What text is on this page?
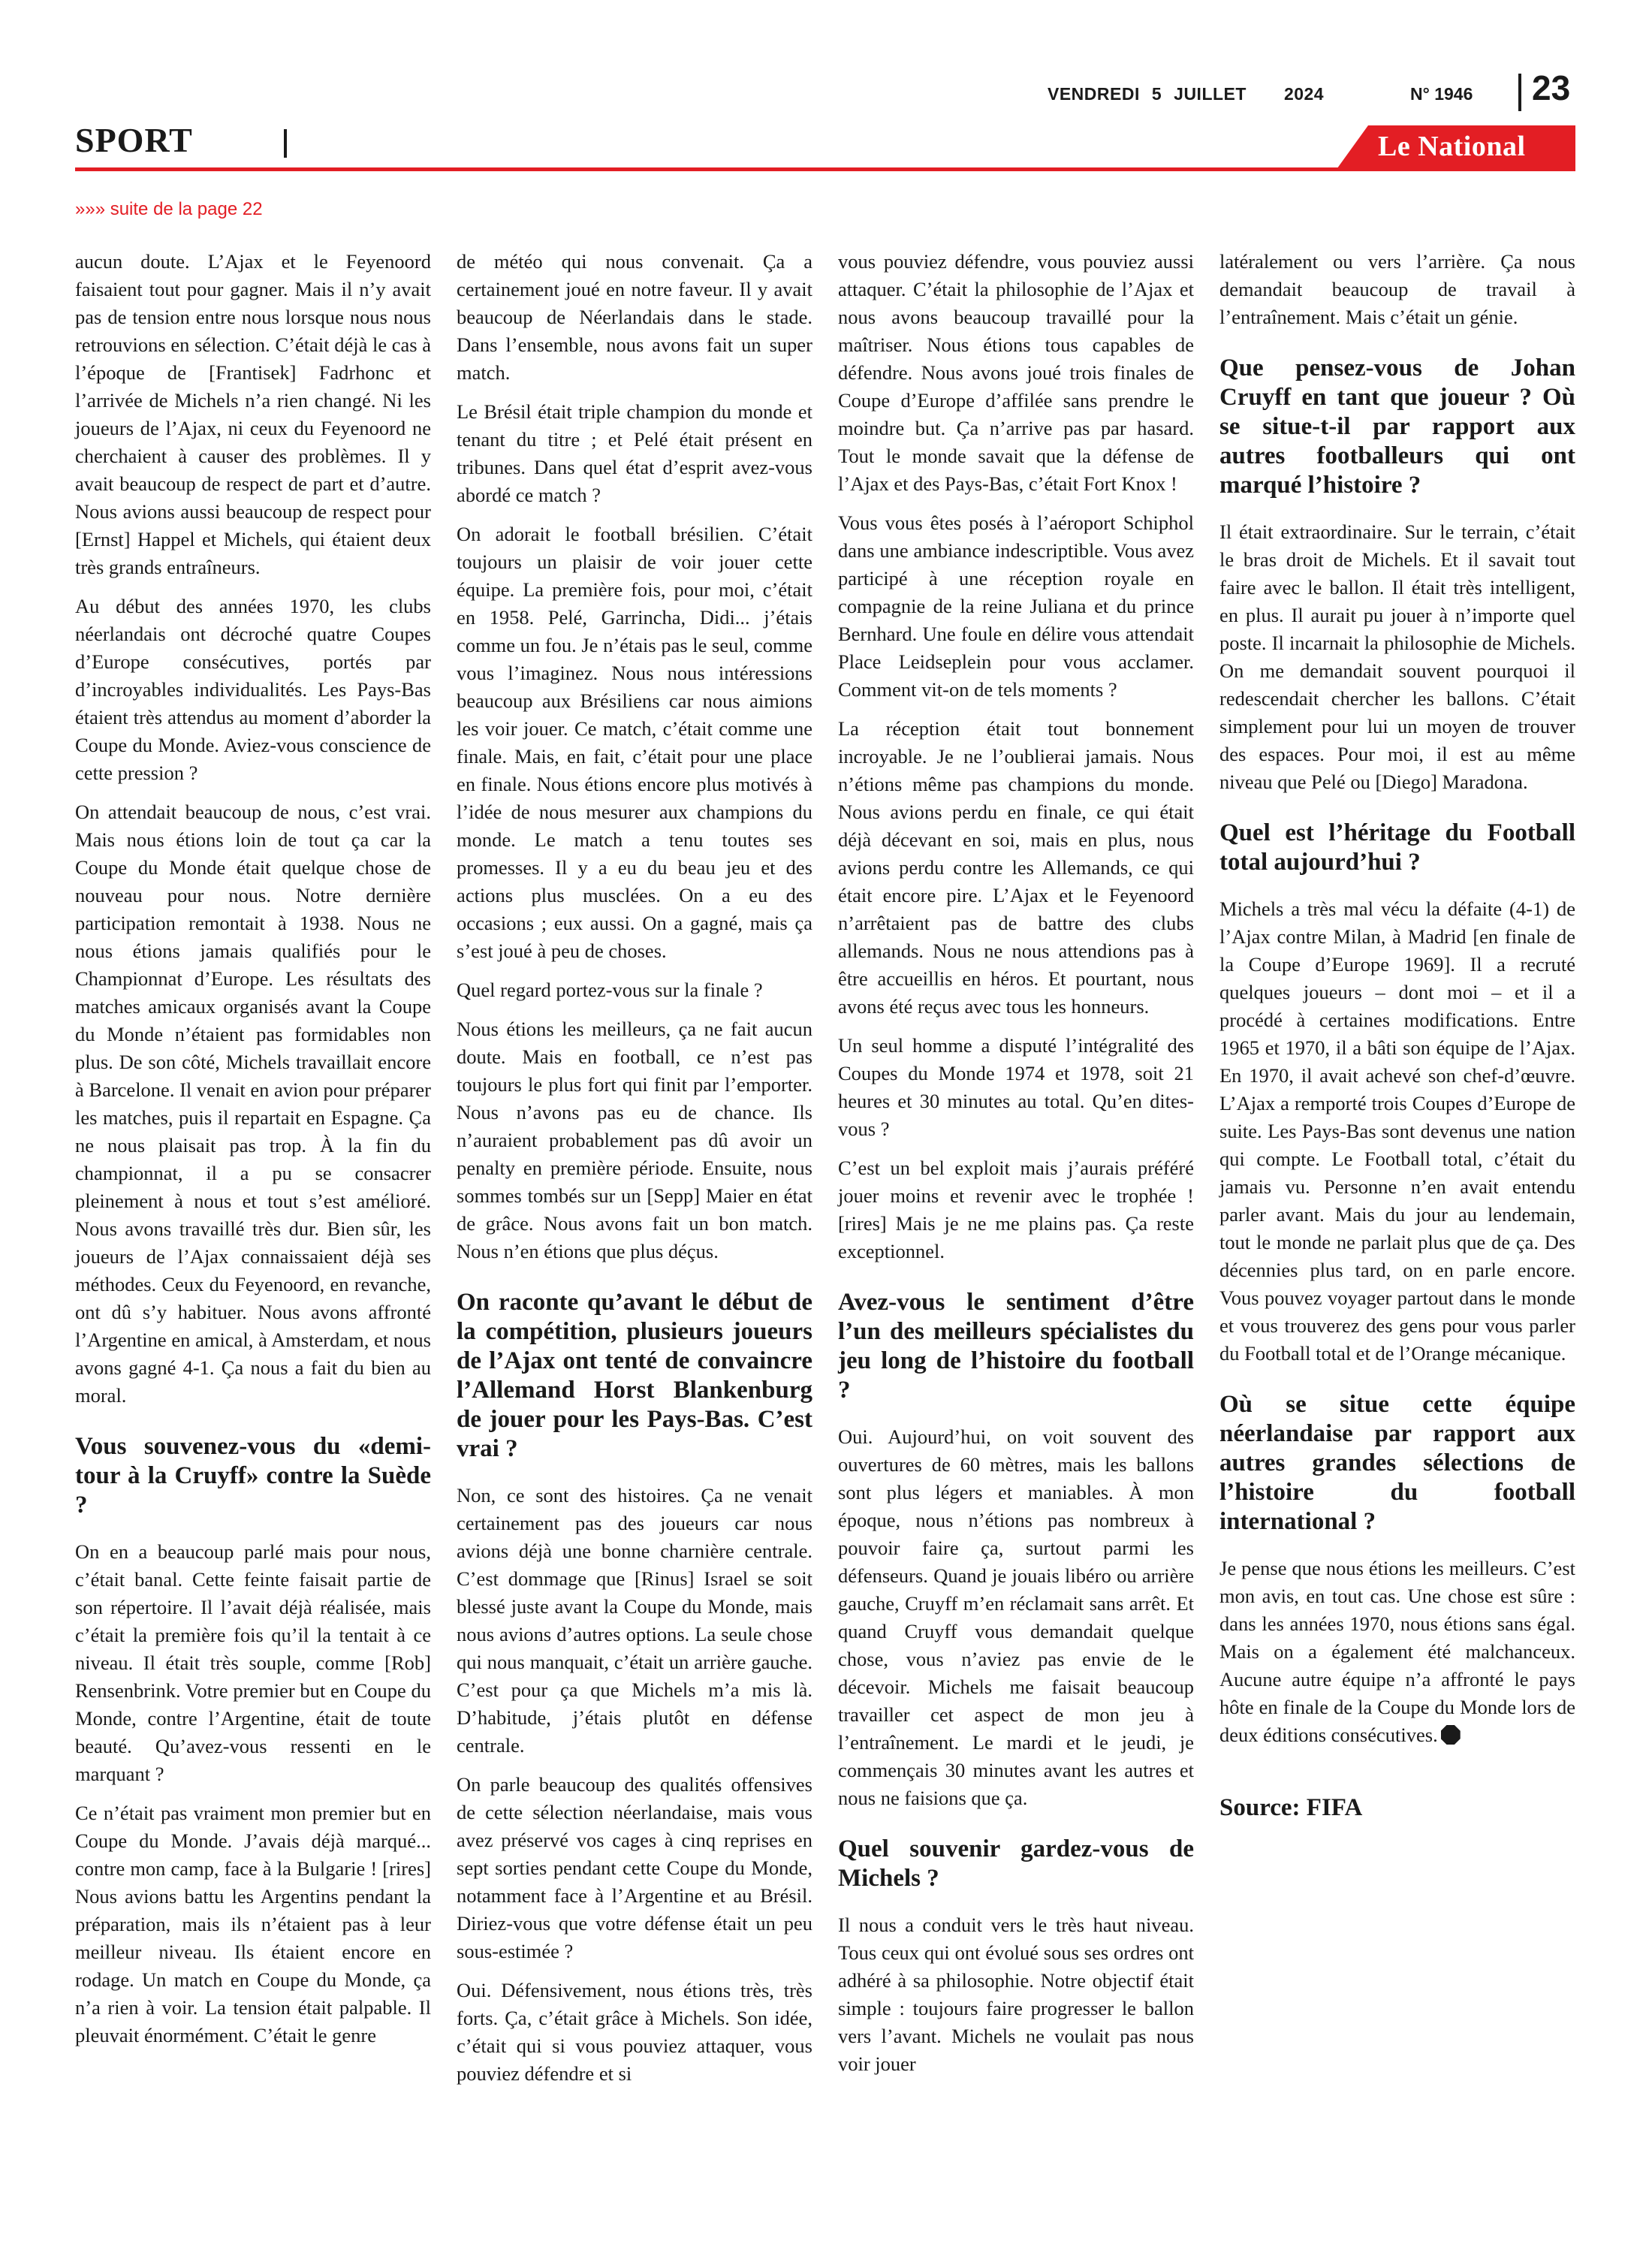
VENDREDI 5 JUILLET 2024	N° 1946 23
SPORT	Le National
»»» suite de la page 22

aucun doute. L’Ajax et le Feyenoord faisaient tout pour gagner. Mais il n’y avait pas de tension entre nous lorsque nous nous retrouvions en sélection. C’était déjà le cas à l’époque de [Frantisek] Fadrhonc et l’arrivée de Michels n’a rien changé. Ni les joueurs de l’Ajax, ni ceux du Feyenoord ne cherchaient à causer des problèmes. Il y avait beaucoup de respect de part et d’autre. Nous avions aussi beaucoup de respect pour [Ernst] Happel et Michels, qui étaient deux très grands entraîneurs.

Au début des années 1970, les clubs néerlandais ont décroché quatre Coupes d’Europe consécutives, portés par d’incroyables individualités. Les Pays-Bas étaient très attendus au moment d’aborder la Coupe du Monde. Aviez-vous conscience de cette pression ?

On attendait beaucoup de nous, c’est vrai. Mais nous étions loin de tout ça car la Coupe du Monde était quelque chose de nouveau pour nous. Notre dernière participation remontait à 1938. Nous ne nous étions jamais qualifiés pour le Championnat d’Europe. Les résultats des matches amicaux organisés avant la Coupe du Monde n’étaient pas formidables non plus. De son côté, Michels travaillait encore à Barcelone. Il venait en avion pour préparer les matches, puis il repartait en Espagne. Ça ne nous plaisait pas trop. À la fin du championnat, il a pu se consacrer pleinement à nous et tout s’est amélioré. Nous avons travaillé très dur. Bien sûr, les joueurs de l’Ajax connaissaient déjà ses méthodes. Ceux du Feyenoord, en revanche, ont dû s’y habituer. Nous avons affronté l’Argentine en amical, à Amsterdam, et nous avons gagné 4-1. Ça nous a fait du bien au moral.

Vous souvenez-vous du «demi-tour à la Cruyff» contre la Suède ?

On en a beaucoup parlé mais pour nous, c’était banal. Cette feinte faisait partie de son répertoire. Il l’avait déjà réalisée, mais c’était la première fois qu’il la tentait à ce niveau. Il était très souple, comme [Rob] Rensenbrink. Votre premier but en Coupe du Monde, contre l’Argentine, était de toute beauté. Qu’avez-vous ressenti en le marquant ?

Ce n’était pas vraiment mon premier but en Coupe du Monde. J’avais déjà marqué... contre mon camp, face à la Bulgarie ! [rires] Nous avions battu les Argentins pendant la préparation, mais ils n’étaient pas à leur meilleur niveau. Ils étaient encore en rodage. Un match en Coupe du Monde, ça n’a rien à voir. La tension était palpable. Il pleuvait énormément. C’était le genre

de météo qui nous convenait. Ça a certainement joué en notre faveur. Il y avait beaucoup de Néerlandais dans le stade. Dans l’ensemble, nous avons fait un super match.

Le Brésil était triple champion du monde et tenant du titre ; et Pelé était présent en tribunes. Dans quel état d’esprit avez-vous abordé ce match ?

On adorait le football brésilien. C’était toujours un plaisir de voir jouer cette équipe. La première fois, pour moi, c’était en 1958. Pelé, Garrincha, Didi... j’étais comme un fou. Je n’étais pas le seul, comme vous l’imaginez. Nous nous intéressions beaucoup aux Brésiliens car nous aimions les voir jouer. Ce match, c’était comme une finale. Mais, en fait, c’était pour une place en finale. Nous étions encore plus motivés à l’idée de nous mesurer aux champions du monde. Le match a tenu toutes ses promesses. Il y a eu du beau jeu et des actions plus musclées. On a eu des occasions ; eux aussi. On a gagné, mais ça s’est joué à peu de choses.

Quel regard portez-vous sur la finale ?

Nous étions les meilleurs, ça ne fait aucun doute. Mais en football, ce n’est pas toujours le plus fort qui finit par l’emporter. Nous n’avons pas eu de chance. Ils n’auraient probablement pas dû avoir un penalty en première période. Ensuite, nous sommes tombés sur un [Sepp] Maier en état de grâce. Nous avons fait un bon match. Nous n’en étions que plus déçus.

On raconte qu’avant le début de la compétition, plusieurs joueurs de l’Ajax ont tenté de convaincre l’Allemand Horst Blankenburg de jouer pour les Pays-Bas. C’est vrai ?

Non, ce sont des histoires. Ça ne venait certainement pas des joueurs car nous avions déjà une bonne charnière centrale. C’est dommage que [Rinus] Israel se soit blessé juste avant la Coupe du Monde, mais nous avions d’autres options. La seule chose qui nous manquait, c’était un arrière gauche. C’est pour ça que Michels m’a mis là. D’habitude, j’étais plutôt en défense centrale.

On parle beaucoup des qualités offensives de cette sélection néerlandaise, mais vous avez préservé vos cages à cinq reprises en sept sorties pendant cette Coupe du Monde, notamment face à l’Argentine et au Brésil. Diriez-vous que votre défense était un peu sous-estimée ?

Oui. Défensivement, nous étions très, très forts. Ça, c’était grâce à Michels. Son idée, c’était qui si vous pouviez attaquer, vous pouviez défendre et si

vous pouviez défendre, vous pouviez aussi attaquer. C’était la philosophie de l’Ajax et nous avons beaucoup travaillé pour la maîtriser. Nous étions tous capables de défendre. Nous avons joué trois finales de Coupe d’Europe d’affilée sans prendre le moindre but. Ça n’arrive pas par hasard. Tout le monde savait que la défense de l’Ajax et des Pays-Bas, c’était Fort Knox !

Vous vous êtes posés à l’aéroport Schiphol dans une ambiance indescriptible. Vous avez participé à une réception royale en compagnie de la reine Juliana et du prince Bernhard. Une foule en délire vous attendait Place Leidseplein pour vous acclamer. Comment vit-on de tels moments ?

La réception était tout bonnement incroyable. Je ne l’oublierai jamais. Nous n’étions même pas champions du monde. Nous avions perdu en finale, ce qui était déjà décevant en soi, mais en plus, nous avions perdu contre les Allemands, ce qui était encore pire. L’Ajax et le Feyenoord n’arrêtaient pas de battre des clubs allemands. Nous ne nous attendions pas à être accueillis en héros. Et pourtant, nous avons été reçus avec tous les honneurs.

Un seul homme a disputé l’intégralité des Coupes du Monde 1974 et 1978, soit 21 heures et 30 minutes au total. Qu’en dites-vous ?

C’est un bel exploit mais j’aurais préféré jouer moins et revenir avec le trophée ! [rires] Mais je ne me plains pas. Ça reste exceptionnel.

Avez-vous le sentiment d’être l’un des meilleurs spécialistes du jeu long de l’histoire du football ?

Oui. Aujourd’hui, on voit souvent des ouvertures de 60 mètres, mais les ballons sont plus légers et maniables. À mon époque, nous n’étions pas nombreux à pouvoir faire ça, surtout parmi les défenseurs. Quand je jouais libéro ou arrière gauche, Cruyff m’en réclamait sans arrêt. Et quand Cruyff vous demandait quelque chose, vous n’aviez pas envie de le décevoir. Michels me faisait beaucoup travailler cet aspect de mon jeu à l’entraînement. Le mardi et le jeudi, je commençais 30 minutes avant les autres et nous ne faisions que ça.

Quel souvenir gardez-vous de Michels ?

Il nous a conduit vers le très haut niveau. Tous ceux qui ont évolué sous ses ordres ont adhéré à sa philosophie. Notre objectif était simple : toujours faire progresser le ballon vers l’avant. Michels ne voulait pas nous voir jouer

latéralement ou vers l’arrière. Ça nous demandait beaucoup de travail à l’entraînement. Mais c’était un génie.

Que pensez-vous de Johan Cruyff en tant que joueur ? Où se situe-t-il par rapport aux autres footballeurs qui ont marqué l’histoire ?

Il était extraordinaire. Sur le terrain, c’était le bras droit de Michels. Et il savait tout faire avec le ballon. Il était très intelligent, en plus. Il aurait pu jouer à n’importe quel poste. Il incarnait la philosophie de Michels. On me demandait souvent pourquoi il redescendait chercher les ballons. C’était simplement pour lui un moyen de trouver des espaces. Pour moi, il est au même niveau que Pelé ou [Diego] Maradona.

Quel est l’héritage du Football total aujourd’hui ?

Michels a très mal vécu la défaite (4-1) de l’Ajax contre Milan, à Madrid [en finale de la Coupe d’Europe 1969]. Il a recruté quelques joueurs – dont moi – et il a procédé à certaines modifications. Entre 1965 et 1970, il a bâti son équipe de l’Ajax. En 1970, il avait achevé son chef-d’œuvre. L’Ajax a remporté trois Coupes d’Europe de suite. Les Pays-Bas sont devenus une nation qui compte. Le Football total, c’était du jamais vu. Personne n’en avait entendu parler avant. Mais du jour au lendemain, tout le monde ne parlait plus que de ça. Des décennies plus tard, on en parle encore. Vous pouvez voyager partout dans le monde et vous trouverez des gens pour vous parler du Football total et de l’Orange mécanique.

Où se situe cette équipe néerlandaise par rapport aux autres grandes sélections de l’histoire du football international ?

Je pense que nous étions les meilleurs. C’est mon avis, en tout cas. Une chose est sûre : dans les années 1970, nous étions sans égal. Mais on a également été malchanceux. Aucune autre équipe n’a affronté le pays hôte en finale de la Coupe du Monde lors de deux éditions consécutives.

Source: FIFA
